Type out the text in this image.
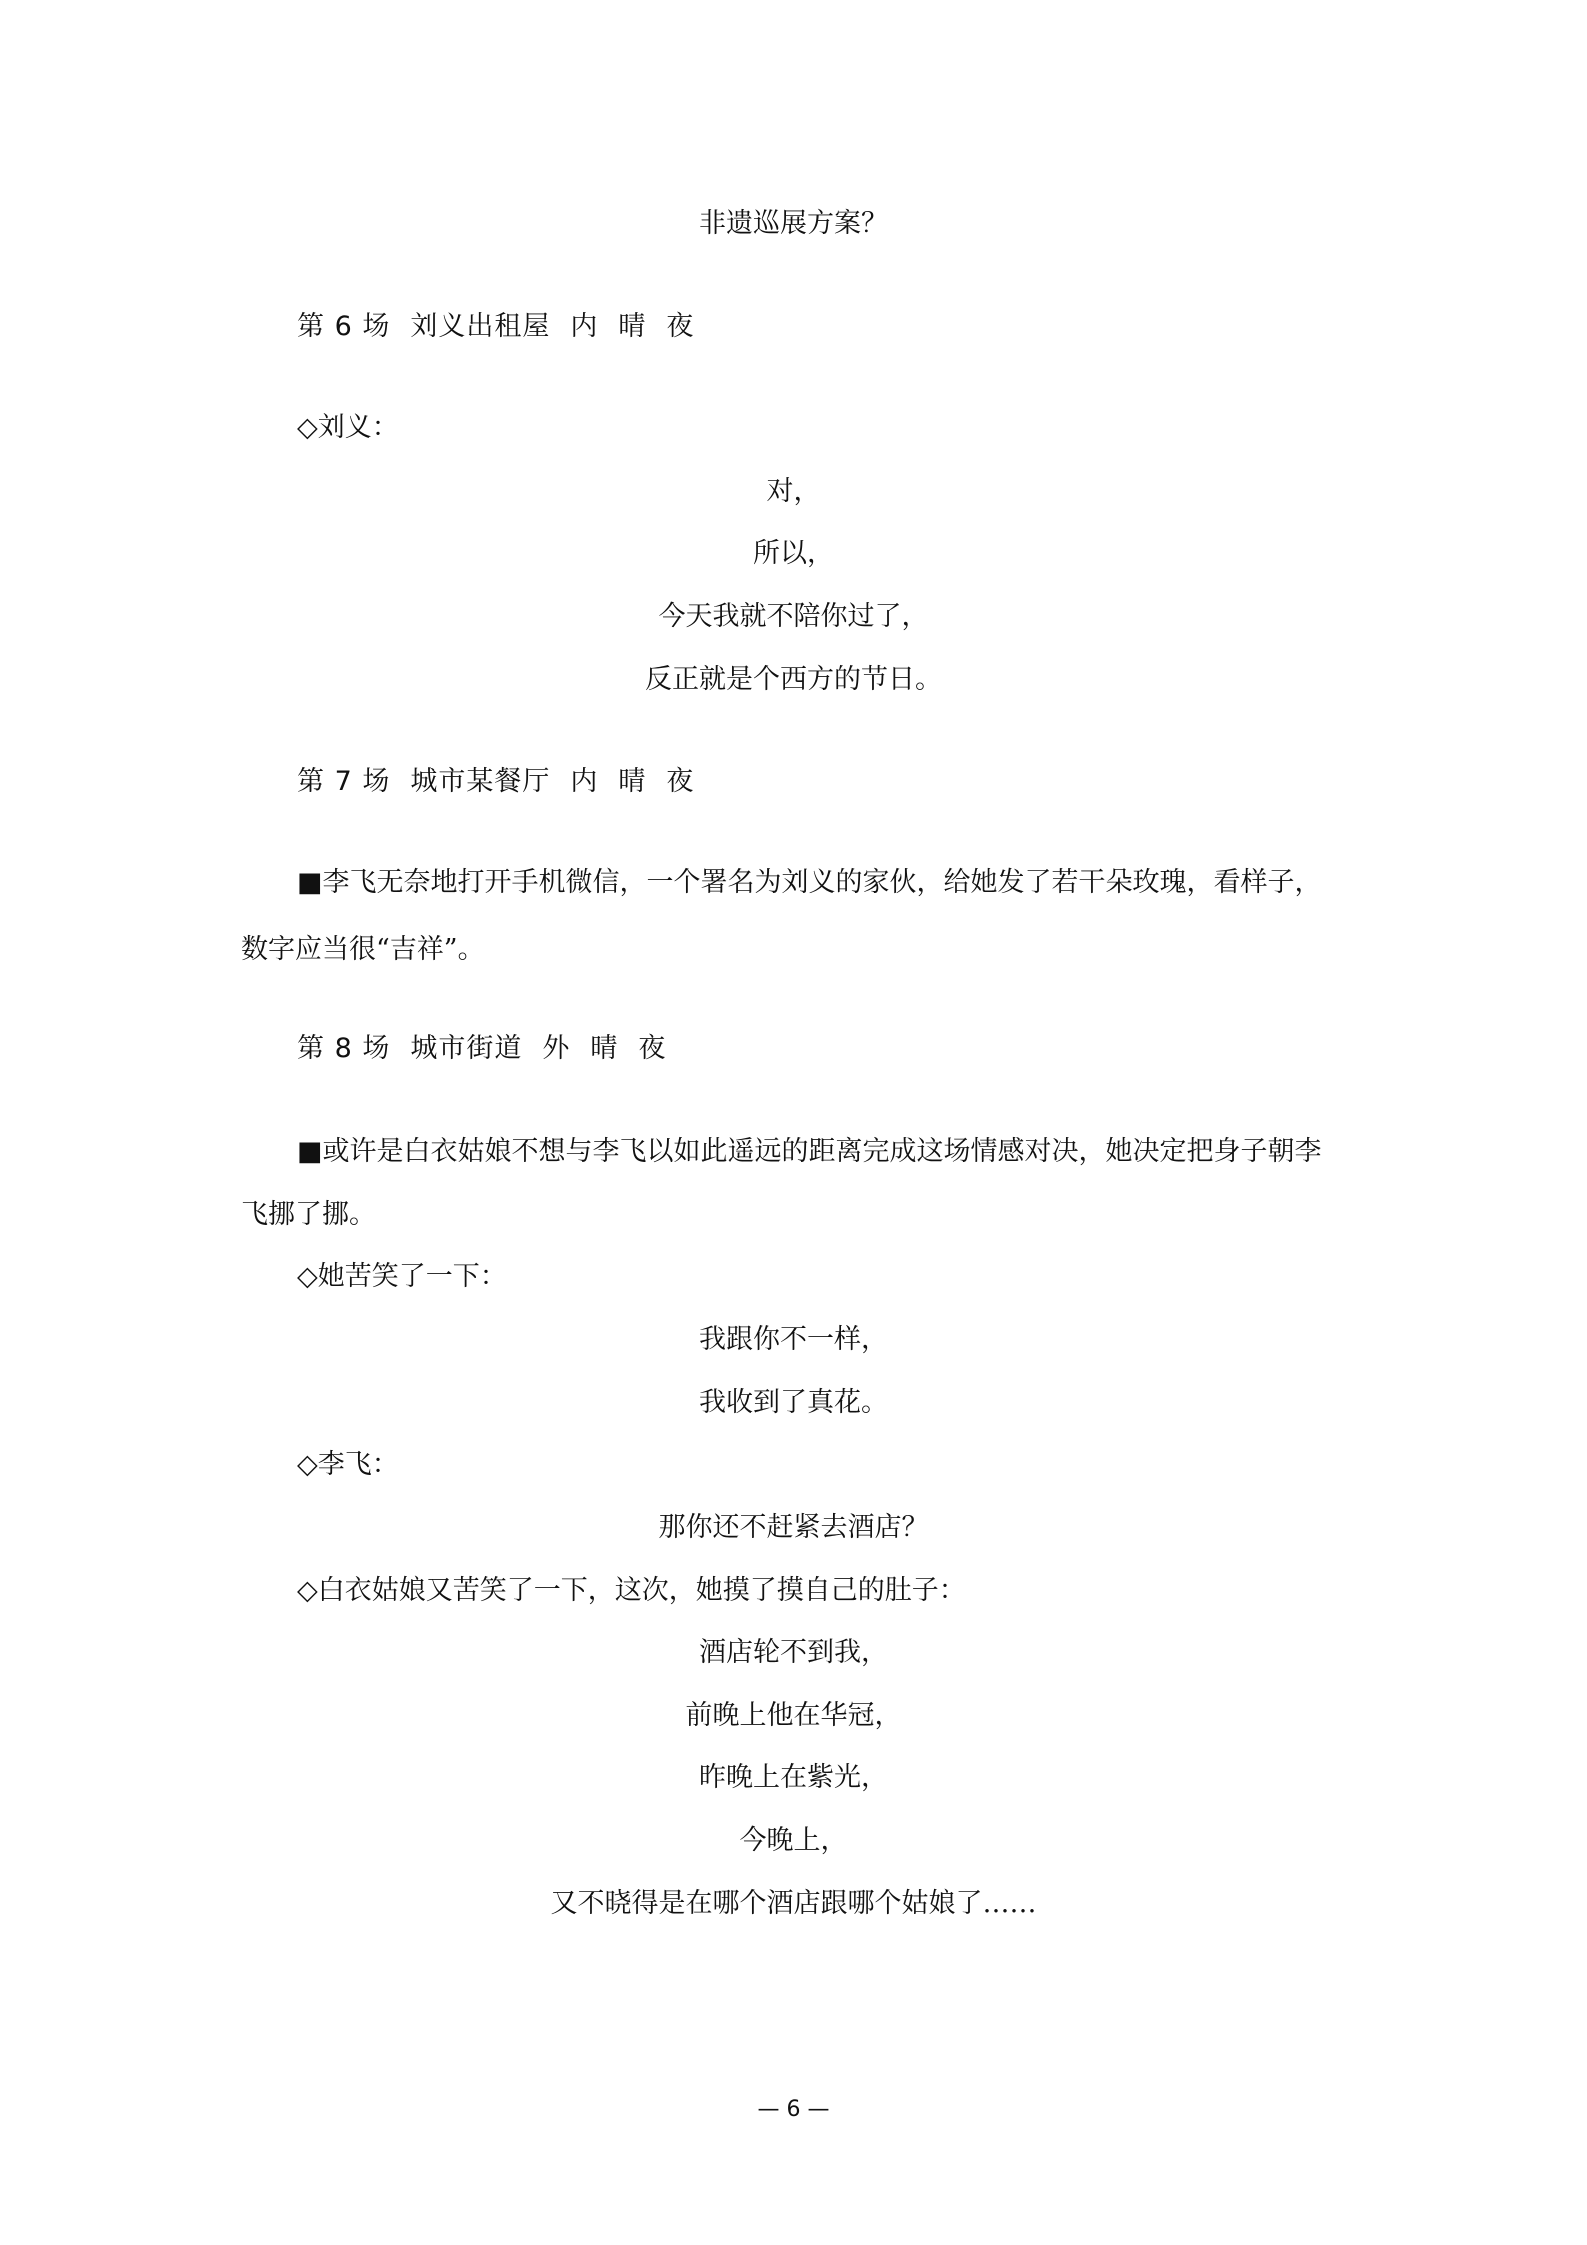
非遗巡展方案？
第 6 场 刘义出租屋 内 晴 夜
◇刘义：
对，
所以，
今天我就不陪你过了，
反正就是个西方的节日。
第 7 场 城市某餐厅 内 晴 夜
■李飞无奈地打开手机微信，一个署名为刘义的家伙，给她发了若干朵玫瑰，看样子，
数字应当很“吉祥”。
第 8 场 城市街道 外 晴 夜
■或许是白衣姑娘不想与李飞以如此遥远的距离完成这场情感对决，她决定把身子朝李
飞挪了挪。
◇她苦笑了一下：
我跟你不一样，
我收到了真花。
◇李飞：
那你还不赶紧去酒店？
◇白衣姑娘又苦笑了一下，这次，她摸了摸自己的肚子：
酒店轮不到我，
前晚上他在华冠，
昨晚上在紫光，
今晚上，
又不晓得是在哪个酒店跟哪个姑娘了……
— 6 —
